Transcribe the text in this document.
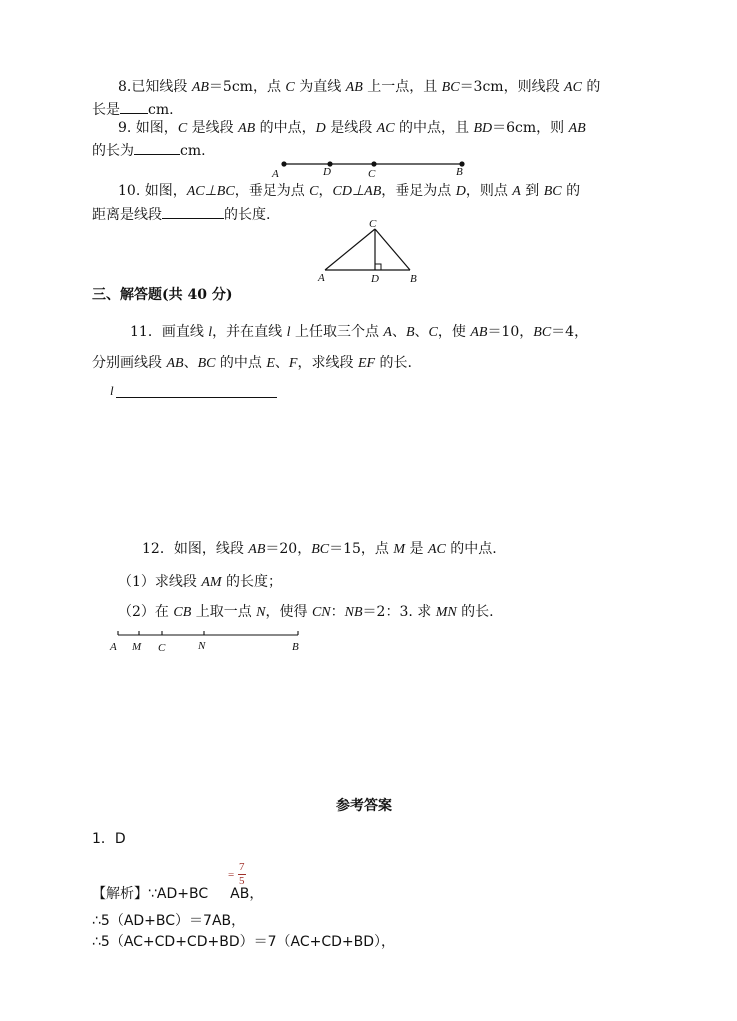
8.已知线段 AB＝5cm，点 C 为直线 AB 上一点，且 BC＝3cm，则线段 AC 的
长是 cm.
9. 如图，C 是线段 AB 的中点，D 是线段 AC 的中点，且 BD＝6cm，则 AB
的长为	cm.
A	D	C	B
10. 如图，AC⊥BC，垂足为点 C，CD⊥AB，垂足为点 D，则点 A 到 BC 的
距离是线段	的长度.
C
A	D	B
三、解答题(共 40 分)
11．画直线 l，并在直线 l 上任取三个点 A、B、C，使 AB＝10，BC＝4，
分别画线段 AB、BC 的中点 E、F，求线段 EF 的长.
l
12．如图，线段 AB＝20，BC＝15，点 M 是 AC 的中点.
（1）求线段 AM 的长度；
（2）在 CB 上取一点 N，使得 CN：NB＝2：3. 求 MN 的长.
A M C	N	B
参考答案
1．D
【解析】∵AD+BC AB，
=
7
5
∴5（AD+BC）＝7AB，
∴5（AC+CD+CD+BD）＝7（AC+CD+BD），
